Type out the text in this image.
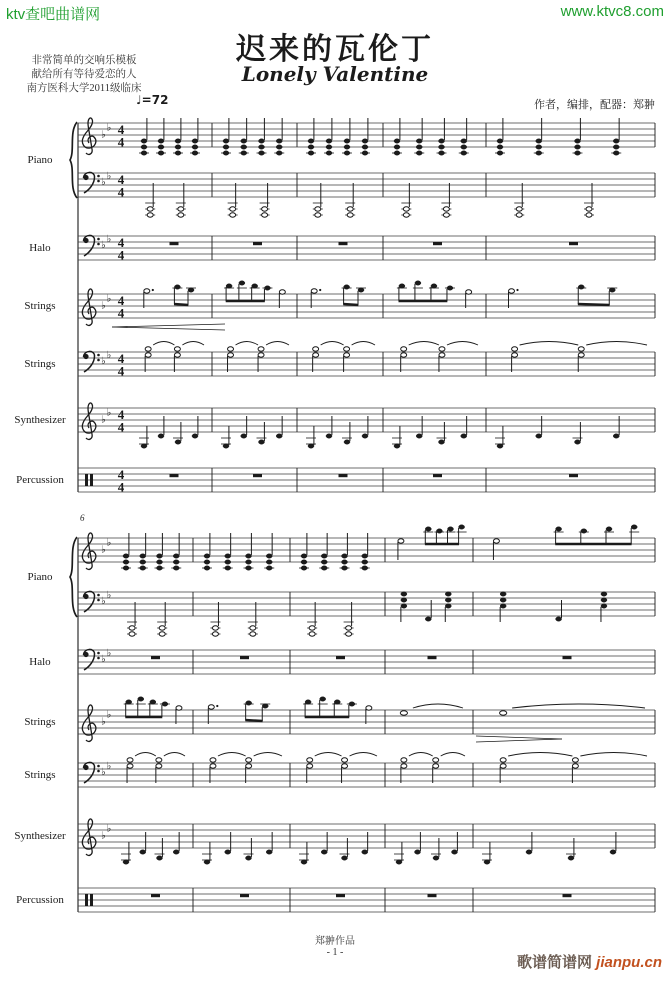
ktv查吧曲谱网	www.ktvc8.com
迟来的瓦伦丁
Lonely Valentine
非常简单的交响乐模板
献给所有等待爱恋的人
南方医科大学2011级临床
作者，编排，配器：郑翀
♩=72
6
♭
♭ 4
4
♭
♭ 4
4
♭
♭ 4
4
♭
♭ 4
4
♭
♭ 4
4
♭
♭ 4
4
4
4
♭
♭
♭
♭
♭
♭
♭
♭
♭
♭
♭
♭
Piano
Halo
Strings
Strings
Synthesizer
Percussion
Piano
Halo
Strings
Strings
Synthesizer
Percussion
郑翀作品
- 1 -
歌谱简谱网 jianpu.cn
